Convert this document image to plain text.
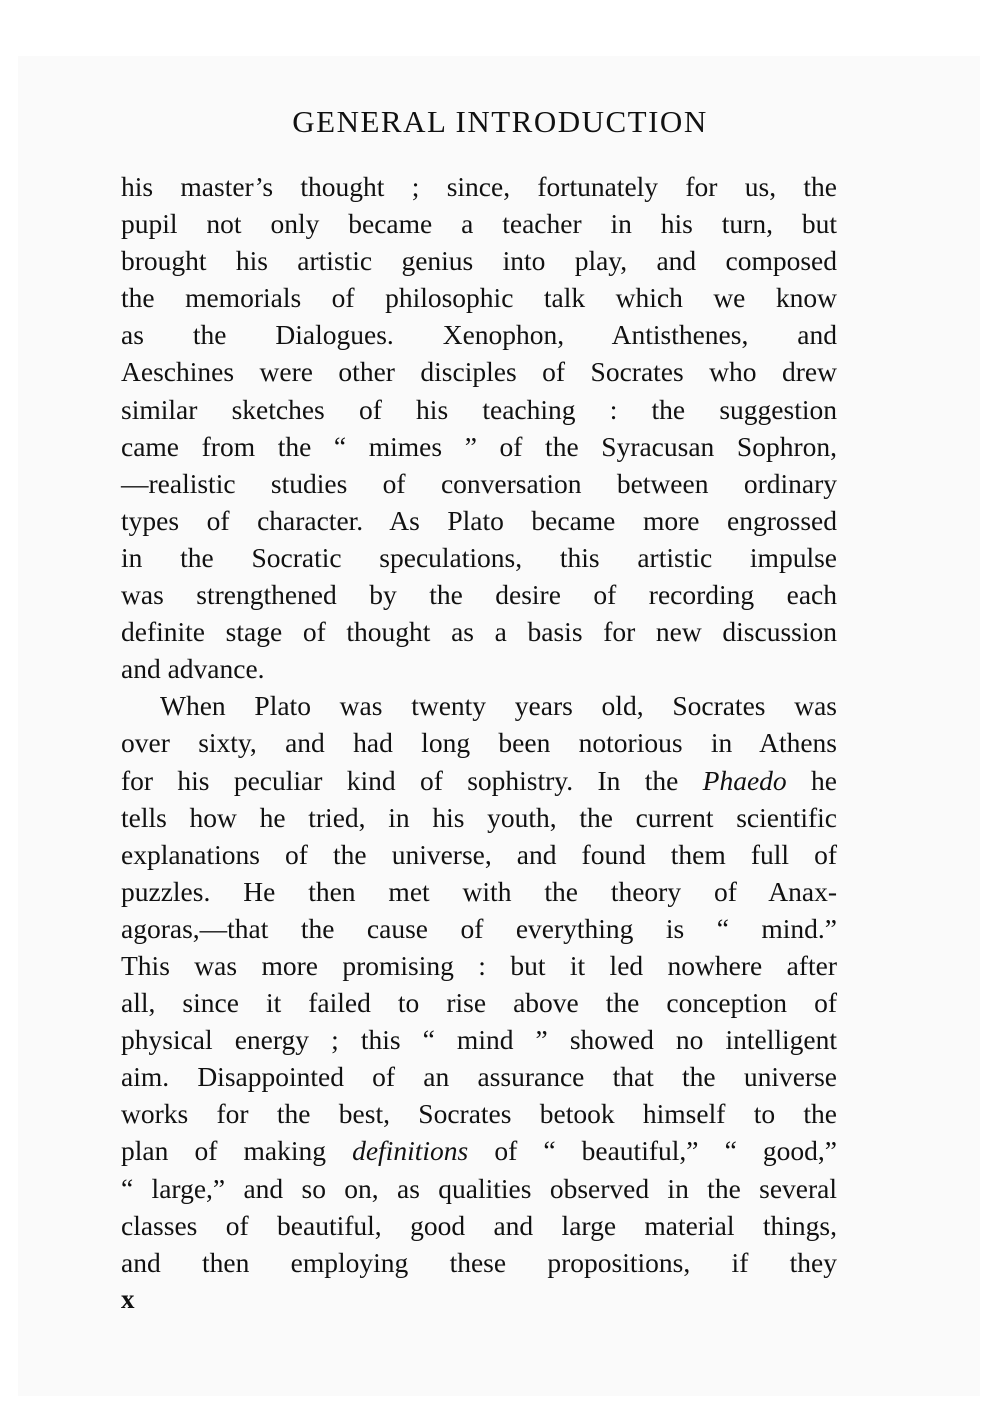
GENERAL INTRODUCTION
his master’s thought ; since, fortunately for us, the
pupil not only became a teacher in his turn, but
brought his artistic genius into play, and composed
the memorials of philosophic talk which we know
as the Dialogues. Xenophon, Antisthenes, and
Aeschines were other disciples of Socrates who drew
similar sketches of his teaching : the suggestion
came from the “ mimes ” of the Syracusan Sophron,
—realistic studies of conversation between ordinary
types of character. As Plato became more engrossed
in the Socratic speculations, this artistic impulse
was strengthened by the desire of recording each
definite stage of thought as a basis for new discussion
and advance.
When Plato was twenty years old, Socrates was
over sixty, and had long been notorious in Athens
for his peculiar kind of sophistry. In the Phaedo he
tells how he tried, in his youth, the current scientific
explanations of the universe, and found them full of
puzzles. He then met with the theory of Anax-
agoras,—that the cause of everything is “ mind.”
This was more promising : but it led nowhere after
all, since it failed to rise above the conception of
physical energy ; this “ mind ” showed no intelligent
aim. Disappointed of an assurance that the universe
works for the best, Socrates betook himself to the
plan of making definitions of “ beautiful,” “ good,”
“ large,” and so on, as qualities observed in the several
classes of beautiful, good and large material things,
and then employing these propositions, if they
x
